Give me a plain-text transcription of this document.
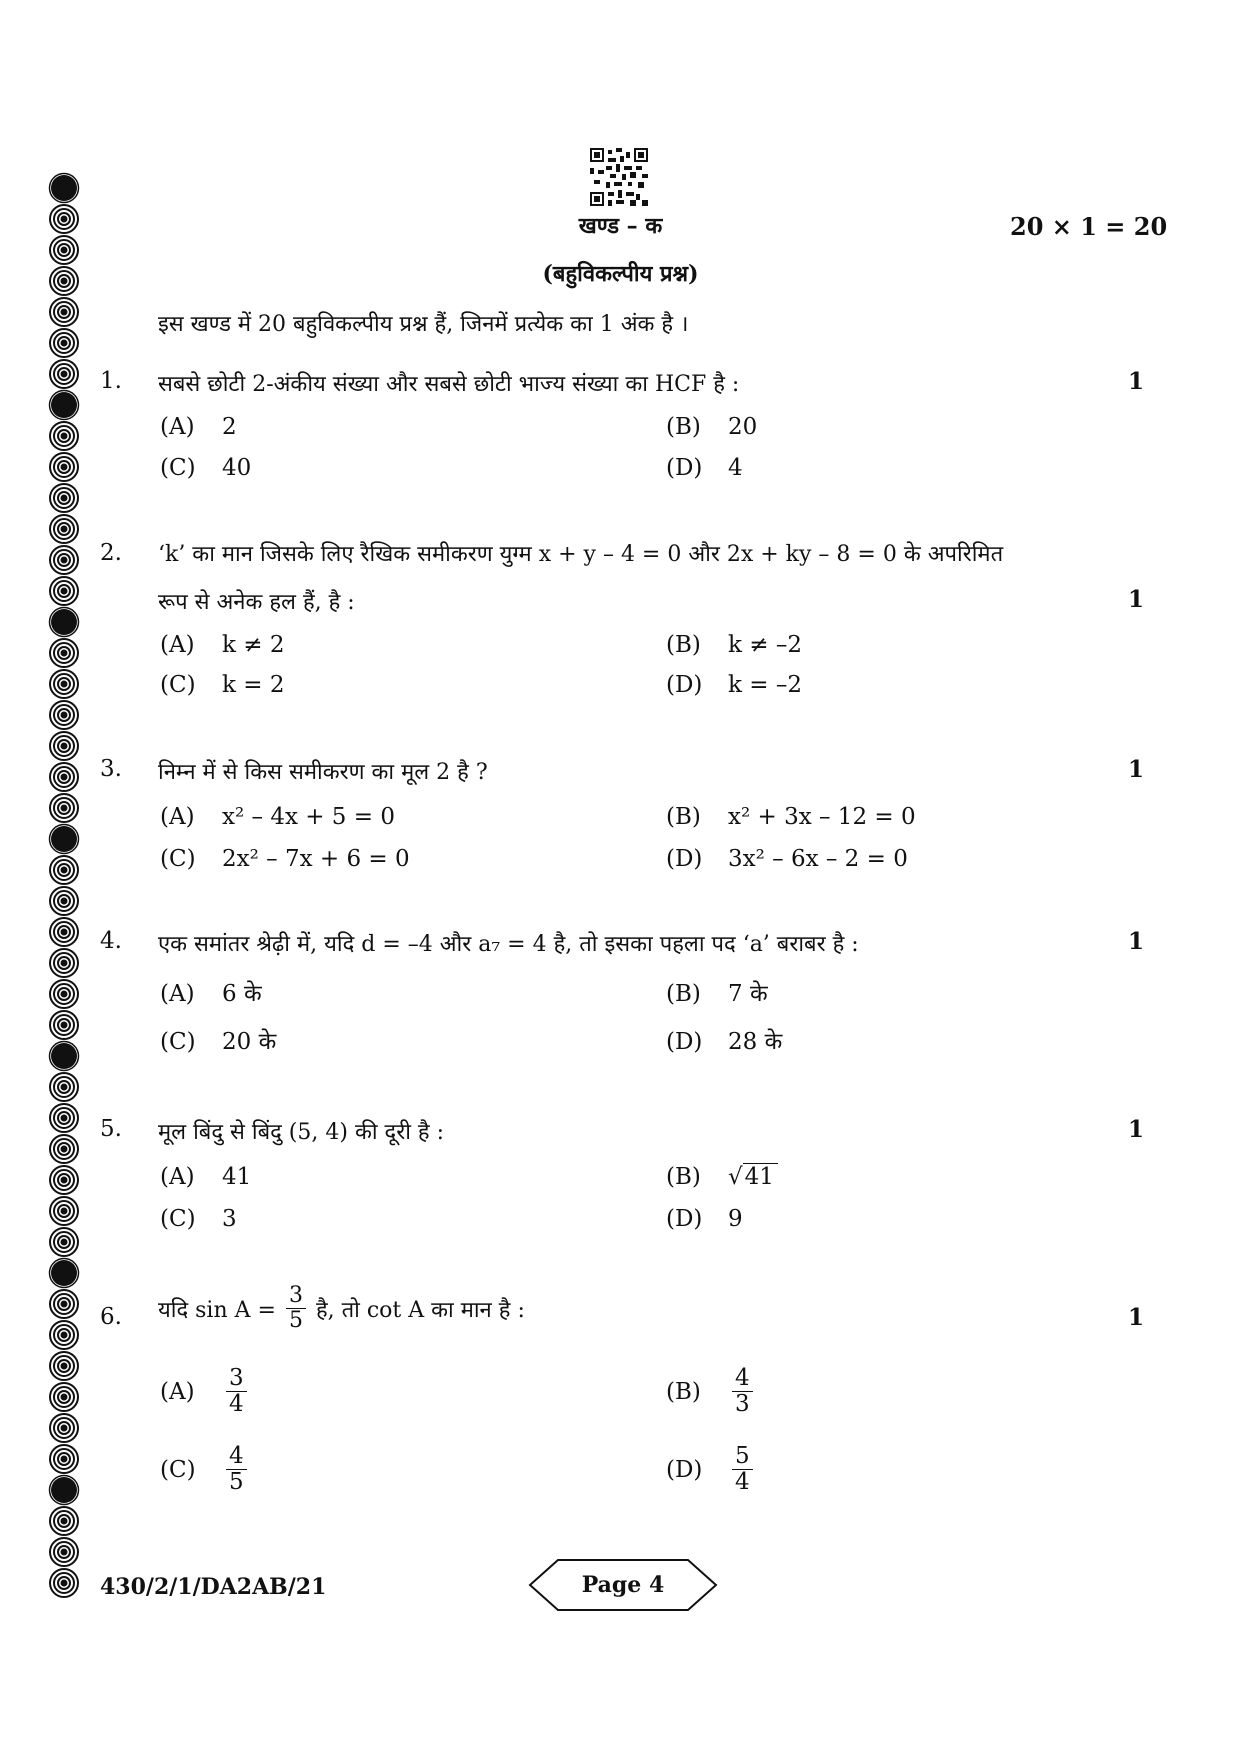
खण्ड – क	20 × 1 = 20
(बहुविकल्पीय प्रश्न)
इस खण्ड में 20 बहुविकल्पीय प्रश्न हैं, जिनमें प्रत्येक का 1 अंक है ।
1. सबसे छोटी 2-अंकीय संख्या और सबसे छोटी भाज्य संख्या का HCF है :	1
(A) 2	(B) 20
(C) 40	(D) 4
2. ‘k’ का मान जिसके लिए रैखिक समीकरण युग्म x + y – 4 = 0 और 2x + ky – 8 = 0 के अपरिमित
रूप से अनेक हल हैं, है :	1
(A) k ≠ 2	(B) k ≠ –2
(C) k = 2	(D) k = –2
3. निम्न में से किस समीकरण का मूल 2 है ?	1
(A) x² – 4x + 5 = 0	(B) x² + 3x – 12 = 0
(C) 2x² – 7x + 6 = 0	(D) 3x² – 6x – 2 = 0
4. एक समांतर श्रेढ़ी में, यदि d = –4 और a₇ = 4 है, तो इसका पहला पद ‘a’ बराबर है :	1
(A) 6 के	(B) 7 के
(C) 20 के	(D) 28 के
5. मूल बिंदु से बिंदु (5, 4) की दूरी है :	1
(A) 41	(B) √41
(C) 3	(D) 9
6. यदि $\sin A = \frac{3}{5}$ है, तो cot A का मान है :	1
(A)	$\frac{3}{4}$	(B)	$\frac{4}{3}$
(C)	$\frac{4}{5}$	(D)	$\frac{5}{4}$
430/2/1/DA2AB/21	Page 4
